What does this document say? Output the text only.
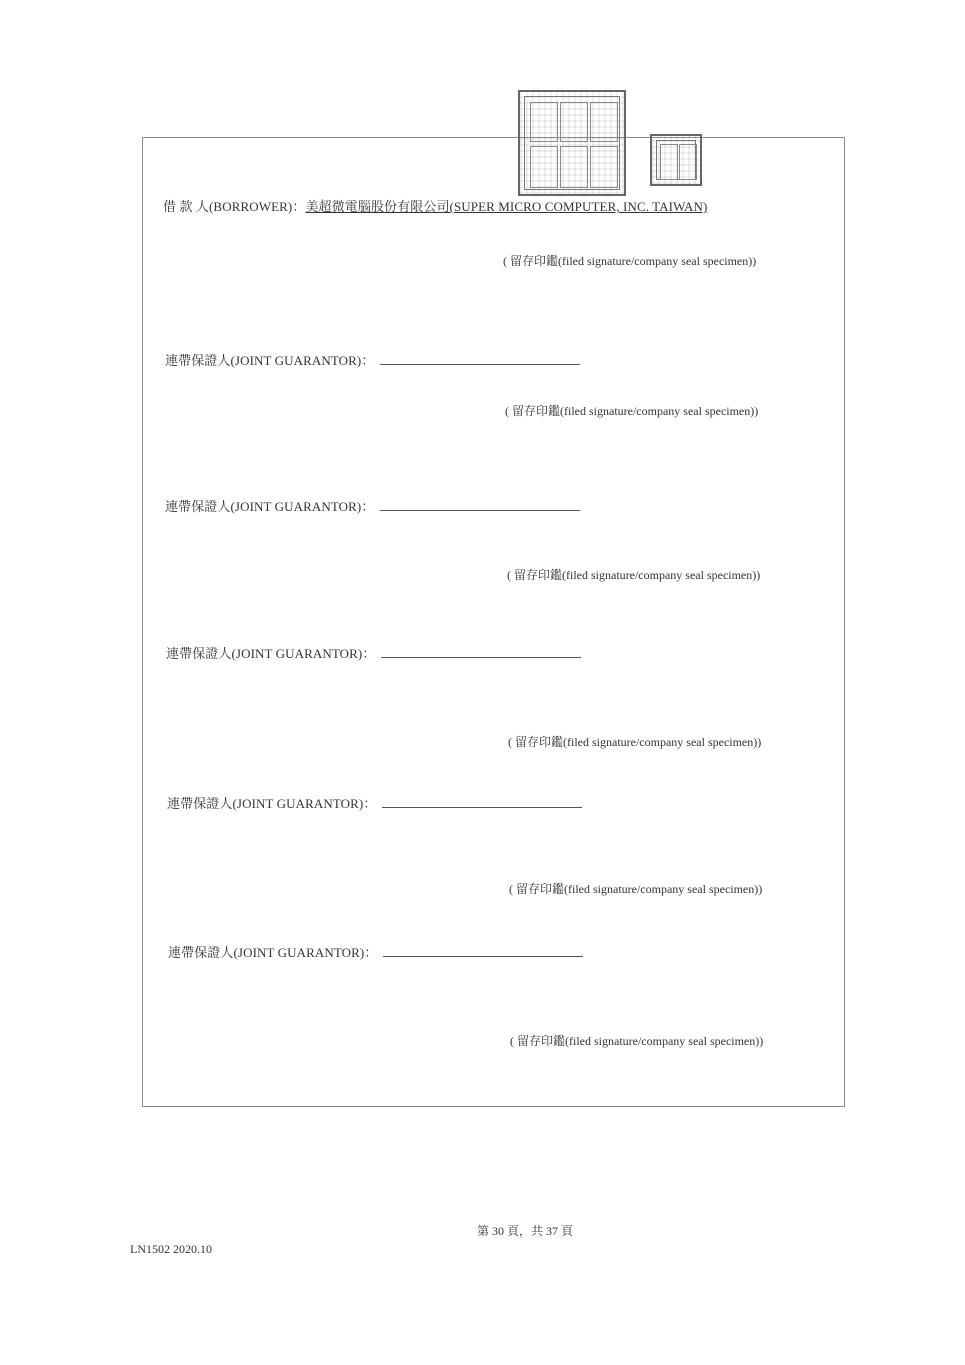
借 款 人(BORROWER)：美超微電腦股份有限公司(SUPER MICRO COMPUTER, INC. TAIWAN)
( 留存印鑑(filed signature/company seal specimen))
連帶保證人(JOINT GUARANTOR)：
( 留存印鑑(filed signature/company seal specimen))
連帶保證人(JOINT GUARANTOR)：
( 留存印鑑(filed signature/company seal specimen))
連帶保證人(JOINT GUARANTOR)：
( 留存印鑑(filed signature/company seal specimen))
連帶保證人(JOINT GUARANTOR)：
( 留存印鑑(filed signature/company seal specimen))
連帶保證人(JOINT GUARANTOR)：
( 留存印鑑(filed signature/company seal specimen))
第 30 頁，共 37 頁
LN1502 2020.10
